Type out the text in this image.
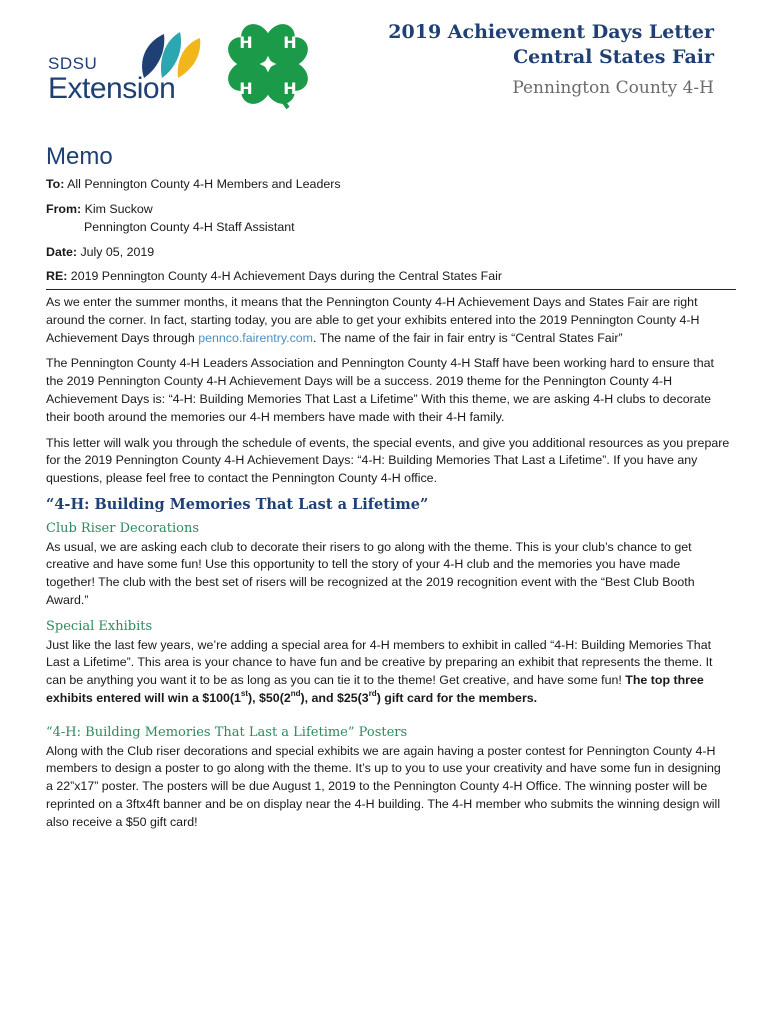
SDSU
Extension
H H
H H
2019 Achievement Days Letter
Central States Fair
Pennington County 4-H
Memo
To: All Pennington County 4-H Members and Leaders
From: Kim Suckow
Pennington County 4-H Staff Assistant
Date: July 05, 2019
RE: 2019 Pennington County 4-H Achievement Days during the Central States Fair

As we enter the summer months, it means that the Pennington County 4-H Achievement Days and States Fair are right around the corner. In fact, starting today, you are able to get your exhibits entered into the 2019 Pennington County 4-H Achievement Days through pennco.fairentry.com. The name of the fair in fair entry is “Central States Fair”

The Pennington County 4-H Leaders Association and Pennington County 4-H Staff have been working hard to ensure that the 2019 Pennington County 4-H Achievement Days will be a success. 2019 theme for the Pennington County 4-H Achievement Days is: “4-H: Building Memories That Last a Lifetime” With this theme, we are asking 4-H clubs to decorate their booth around the memories our 4-H members have made with their 4-H family.

This letter will walk you through the schedule of events, the special events, and give you additional resources as you prepare for the 2019 Pennington County 4-H Achievement Days: “4-H: Building Memories That Last a Lifetime”. If you have any questions, please feel free to contact the Pennington County 4-H office.

“4-H: Building Memories That Last a Lifetime”
Club Riser Decorations

As usual, we are asking each club to decorate their risers to go along with the theme. This is your club’s chance to get creative and have some fun! Use this opportunity to tell the story of your 4-H club and the memories you have made together! The club with the best set of risers will be recognized at the 2019 recognition event with the “Best Club Booth Award.”

Special Exhibits

Just like the last few years, we’re adding a special area for 4-H members to exhibit in called “4-H: Building Memories That Last a Lifetime”. This area is your chance to have fun and be creative by preparing an exhibit that represents the theme. It can be anything you want it to be as long as you can tie it to the theme! Get creative, and have some fun! The top three exhibits entered will win a $100(1st), $50(2nd), and $25(3rd) gift card for the members.

“4-H: Building Memories That Last a Lifetime” Posters

Along with the Club riser decorations and special exhibits we are again having a poster contest for Pennington County 4-H members to design a poster to go along with the theme. It’s up to you to use your creativity and have some fun in designing a 22”x17” poster. The posters will be due August 1, 2019 to the Pennington County 4-H Office. The winning poster will be reprinted on a 3ftx4ft banner and be on display near the 4-H building. The 4-H member who submits the winning design will also receive a $50 gift card!
